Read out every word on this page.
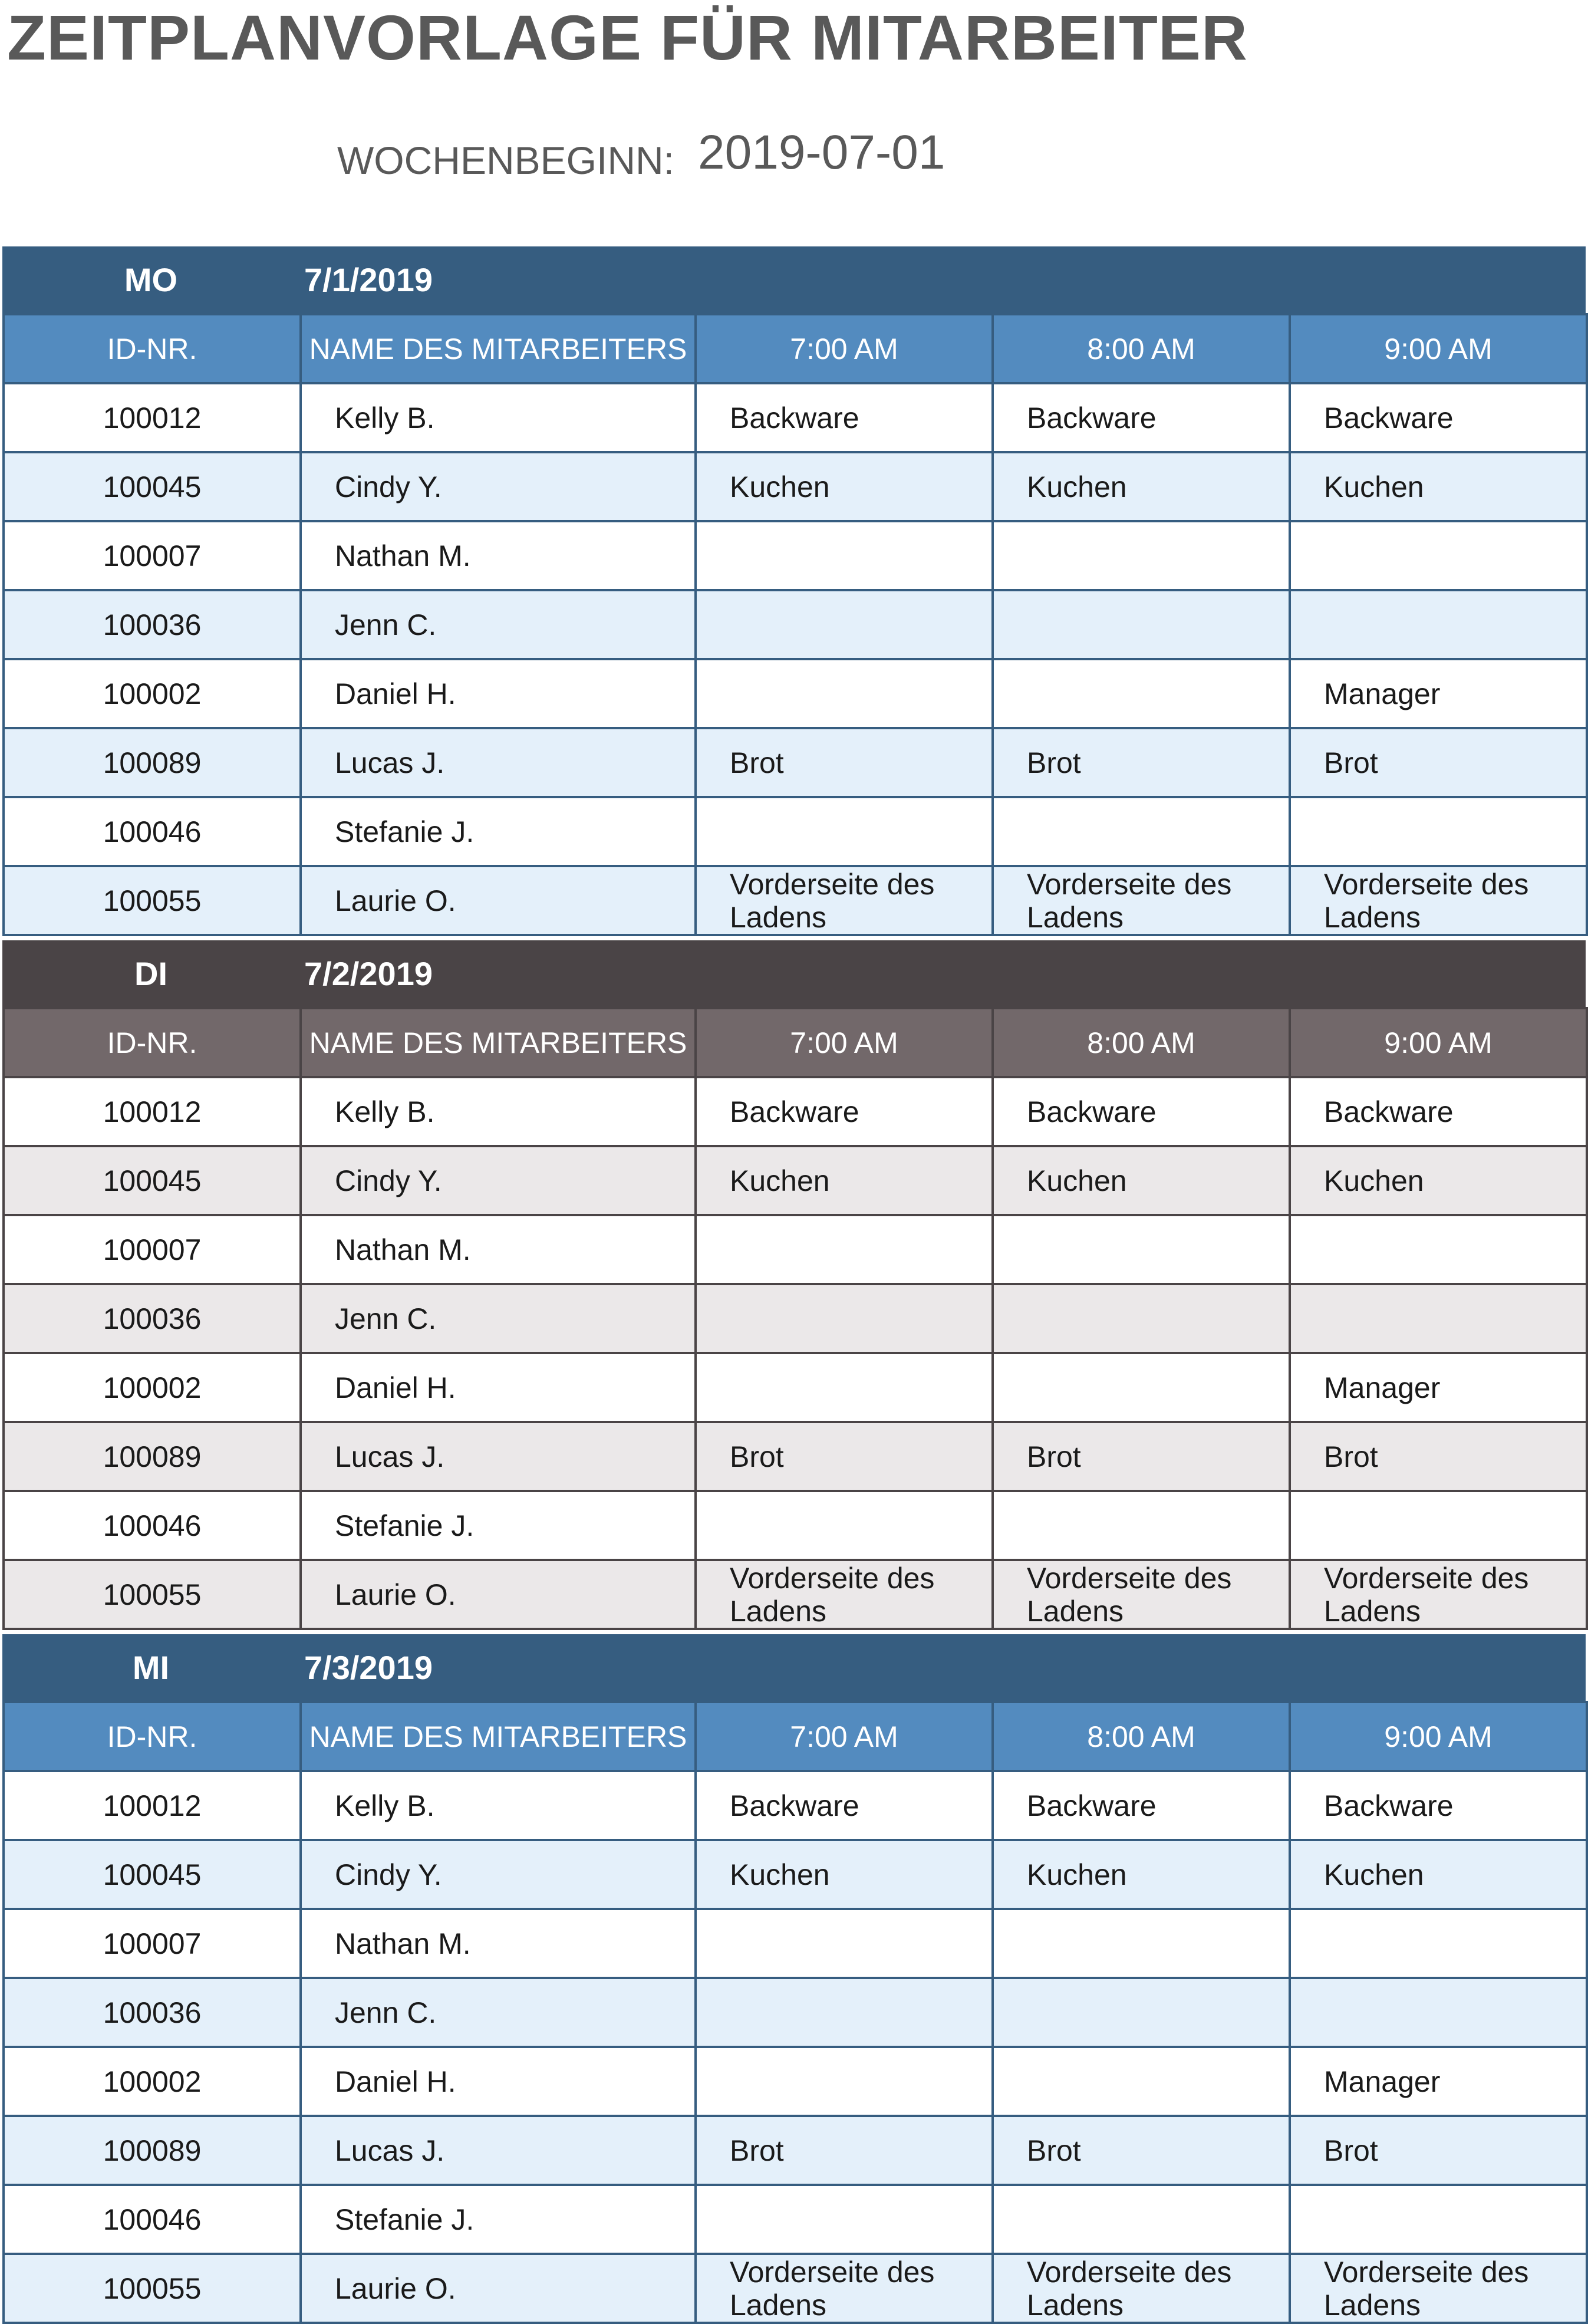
ZEITPLANVORLAGE FÜR MITARBEITER
WOCHENBEGINN: 2019-07-01
MO	7/1/2019
ID-NR.	NAME DES MITARBEITERS	7:00 AM	8:00 AM	9:00 AM
100012	Kelly B.	Backware	Backware	Backware

100045	Cindy Y.	Kuchen	Kuchen	Kuchen

100007	Nathan M.	

100036	Jenn C.	

100002	Daniel H.			Manager

100089	Lucas J.	Brot	Brot	Brot

100046	Stefanie J.	

100055	Laurie O.	Vorderseite des Ladens	Vorderseite des Ladens	Vorderseite des Ladens
DI	7/2/2019
ID-NR.	NAME DES MITARBEITERS	7:00 AM	8:00 AM	9:00 AM
100012	Kelly B.	Backware	Backware	Backware

100045	Cindy Y.	Kuchen	Kuchen	Kuchen

100007	Nathan M.	

100036	Jenn C.	

100002	Daniel H.			Manager

100089	Lucas J.	Brot	Brot	Brot

100046	Stefanie J.	

100055	Laurie O.	Vorderseite des Ladens	Vorderseite des Ladens	Vorderseite des Ladens
MI	7/3/2019
ID-NR.	NAME DES MITARBEITERS	7:00 AM	8:00 AM	9:00 AM
100012	Kelly B.	Backware	Backware	Backware

100045	Cindy Y.	Kuchen	Kuchen	Kuchen

100007	Nathan M.	

100036	Jenn C.	

100002	Daniel H.			Manager

100089	Lucas J.	Brot	Brot	Brot

100046	Stefanie J.	

100055	Laurie O.	Vorderseite des Ladens	Vorderseite des Ladens	Vorderseite des Ladens
